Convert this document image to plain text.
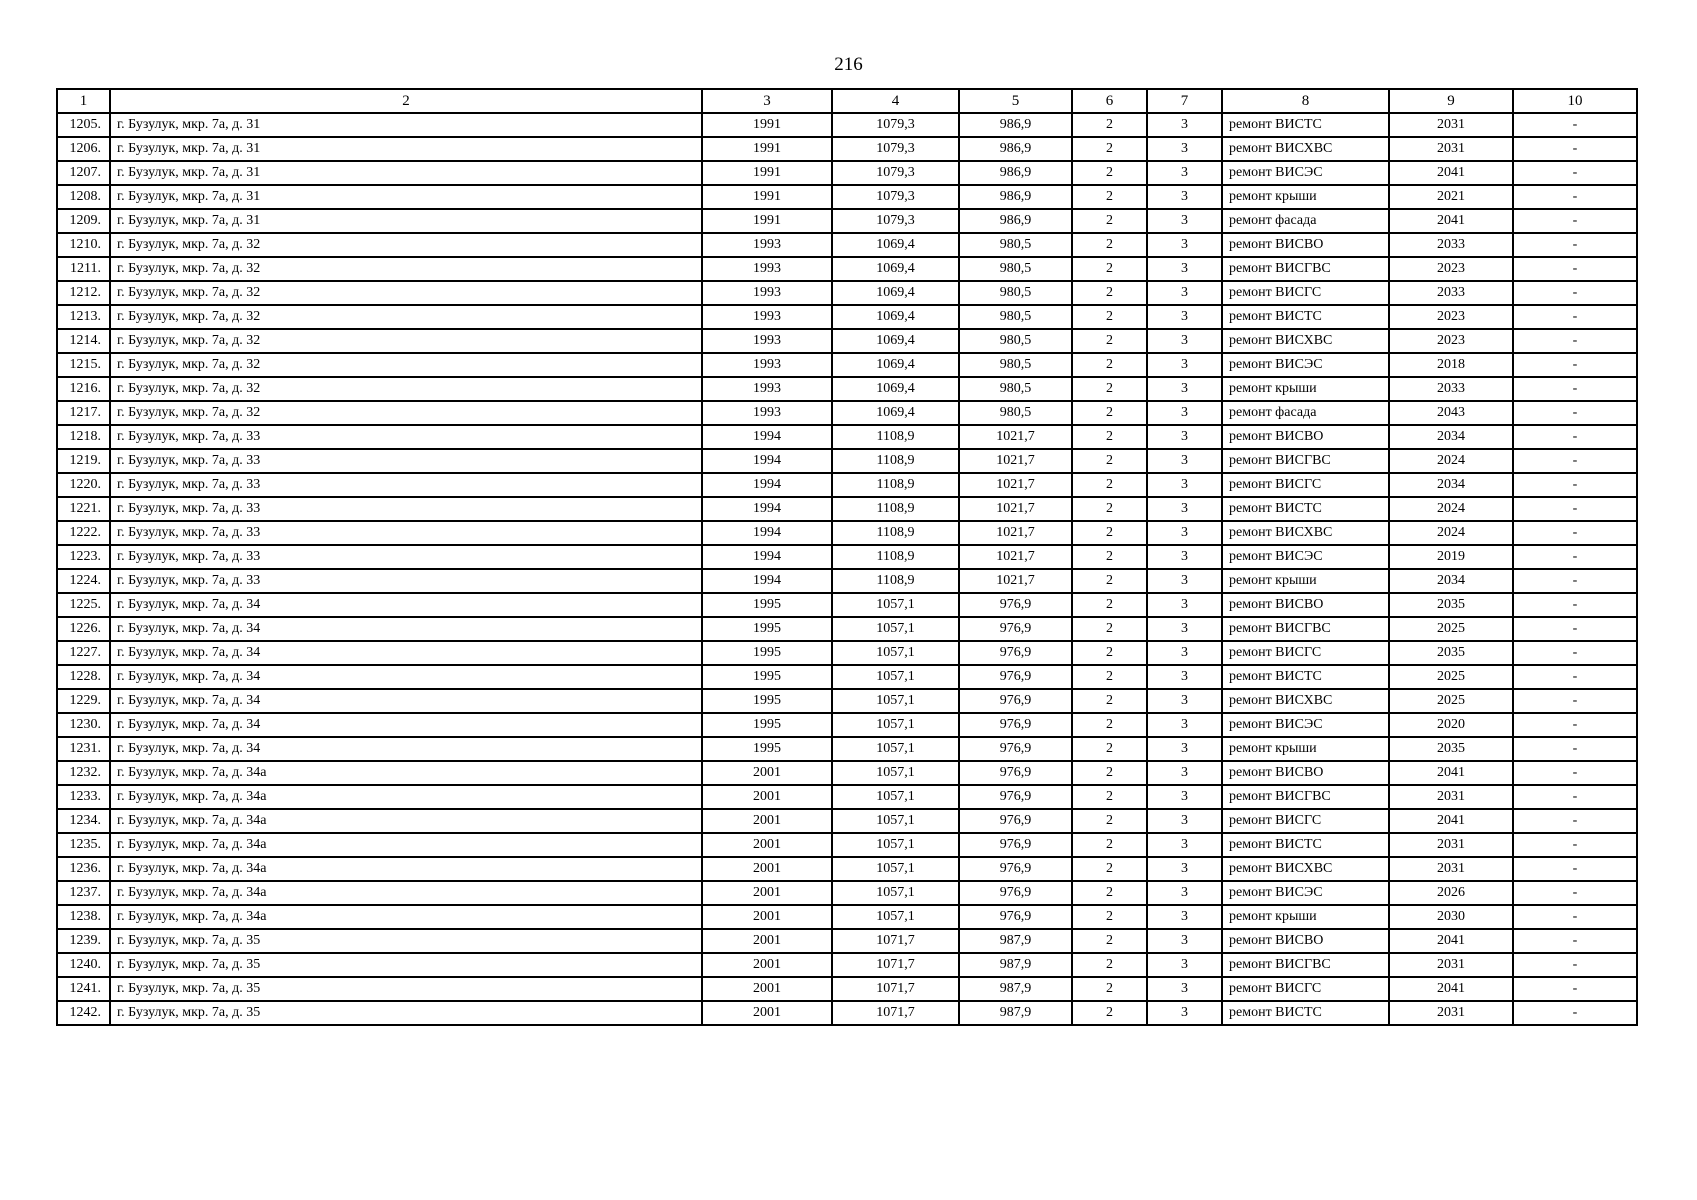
216
1	2	3	4	5	6	7	8	9	10
1205.	г. Бузулук, мкр. 7а, д. 31	1991	1079,3	986,9	2	3	ремонт ВИСТС	2031	-
1206.	г. Бузулук, мкр. 7а, д. 31	1991	1079,3	986,9	2	3	ремонт ВИСХВС	2031	-
1207.	г. Бузулук, мкр. 7а, д. 31	1991	1079,3	986,9	2	3	ремонт ВИСЭС	2041	-
1208.	г. Бузулук, мкр. 7а, д. 31	1991	1079,3	986,9	2	3	ремонт крыши	2021	-
1209.	г. Бузулук, мкр. 7а, д. 31	1991	1079,3	986,9	2	3	ремонт фасада	2041	-
1210.	г. Бузулук, мкр. 7а, д. 32	1993	1069,4	980,5	2	3	ремонт ВИСВО	2033	-
1211.	г. Бузулук, мкр. 7а, д. 32	1993	1069,4	980,5	2	3	ремонт ВИСГВС	2023	-
1212.	г. Бузулук, мкр. 7а, д. 32	1993	1069,4	980,5	2	3	ремонт ВИСГС	2033	-
1213.	г. Бузулук, мкр. 7а, д. 32	1993	1069,4	980,5	2	3	ремонт ВИСТС	2023	-
1214.	г. Бузулук, мкр. 7а, д. 32	1993	1069,4	980,5	2	3	ремонт ВИСХВС	2023	-
1215.	г. Бузулук, мкр. 7а, д. 32	1993	1069,4	980,5	2	3	ремонт ВИСЭС	2018	-
1216.	г. Бузулук, мкр. 7а, д. 32	1993	1069,4	980,5	2	3	ремонт крыши	2033	-
1217.	г. Бузулук, мкр. 7а, д. 32	1993	1069,4	980,5	2	3	ремонт фасада	2043	-
1218.	г. Бузулук, мкр. 7а, д. 33	1994	1108,9	1021,7	2	3	ремонт ВИСВО	2034	-
1219.	г. Бузулук, мкр. 7а, д. 33	1994	1108,9	1021,7	2	3	ремонт ВИСГВС	2024	-
1220.	г. Бузулук, мкр. 7а, д. 33	1994	1108,9	1021,7	2	3	ремонт ВИСГС	2034	-
1221.	г. Бузулук, мкр. 7а, д. 33	1994	1108,9	1021,7	2	3	ремонт ВИСТС	2024	-
1222.	г. Бузулук, мкр. 7а, д. 33	1994	1108,9	1021,7	2	3	ремонт ВИСХВС	2024	-
1223.	г. Бузулук, мкр. 7а, д. 33	1994	1108,9	1021,7	2	3	ремонт ВИСЭС	2019	-
1224.	г. Бузулук, мкр. 7а, д. 33	1994	1108,9	1021,7	2	3	ремонт крыши	2034	-
1225.	г. Бузулук, мкр. 7а, д. 34	1995	1057,1	976,9	2	3	ремонт ВИСВО	2035	-
1226.	г. Бузулук, мкр. 7а, д. 34	1995	1057,1	976,9	2	3	ремонт ВИСГВС	2025	-
1227.	г. Бузулук, мкр. 7а, д. 34	1995	1057,1	976,9	2	3	ремонт ВИСГС	2035	-
1228.	г. Бузулук, мкр. 7а, д. 34	1995	1057,1	976,9	2	3	ремонт ВИСТС	2025	-
1229.	г. Бузулук, мкр. 7а, д. 34	1995	1057,1	976,9	2	3	ремонт ВИСХВС	2025	-
1230.	г. Бузулук, мкр. 7а, д. 34	1995	1057,1	976,9	2	3	ремонт ВИСЭС	2020	-
1231.	г. Бузулук, мкр. 7а, д. 34	1995	1057,1	976,9	2	3	ремонт крыши	2035	-
1232.	г. Бузулук, мкр. 7а, д. 34а	2001	1057,1	976,9	2	3	ремонт ВИСВО	2041	-
1233.	г. Бузулук, мкр. 7а, д. 34а	2001	1057,1	976,9	2	3	ремонт ВИСГВС	2031	-
1234.	г. Бузулук, мкр. 7а, д. 34а	2001	1057,1	976,9	2	3	ремонт ВИСГС	2041	-
1235.	г. Бузулук, мкр. 7а, д. 34а	2001	1057,1	976,9	2	3	ремонт ВИСТС	2031	-
1236.	г. Бузулук, мкр. 7а, д. 34а	2001	1057,1	976,9	2	3	ремонт ВИСХВС	2031	-
1237.	г. Бузулук, мкр. 7а, д. 34а	2001	1057,1	976,9	2	3	ремонт ВИСЭС	2026	-
1238.	г. Бузулук, мкр. 7а, д. 34а	2001	1057,1	976,9	2	3	ремонт крыши	2030	-
1239.	г. Бузулук, мкр. 7а, д. 35	2001	1071,7	987,9	2	3	ремонт ВИСВО	2041	-
1240.	г. Бузулук, мкр. 7а, д. 35	2001	1071,7	987,9	2	3	ремонт ВИСГВС	2031	-
1241.	г. Бузулук, мкр. 7а, д. 35	2001	1071,7	987,9	2	3	ремонт ВИСГС	2041	-
1242.	г. Бузулук, мкр. 7а, д. 35	2001	1071,7	987,9	2	3	ремонт ВИСТС	2031	-
